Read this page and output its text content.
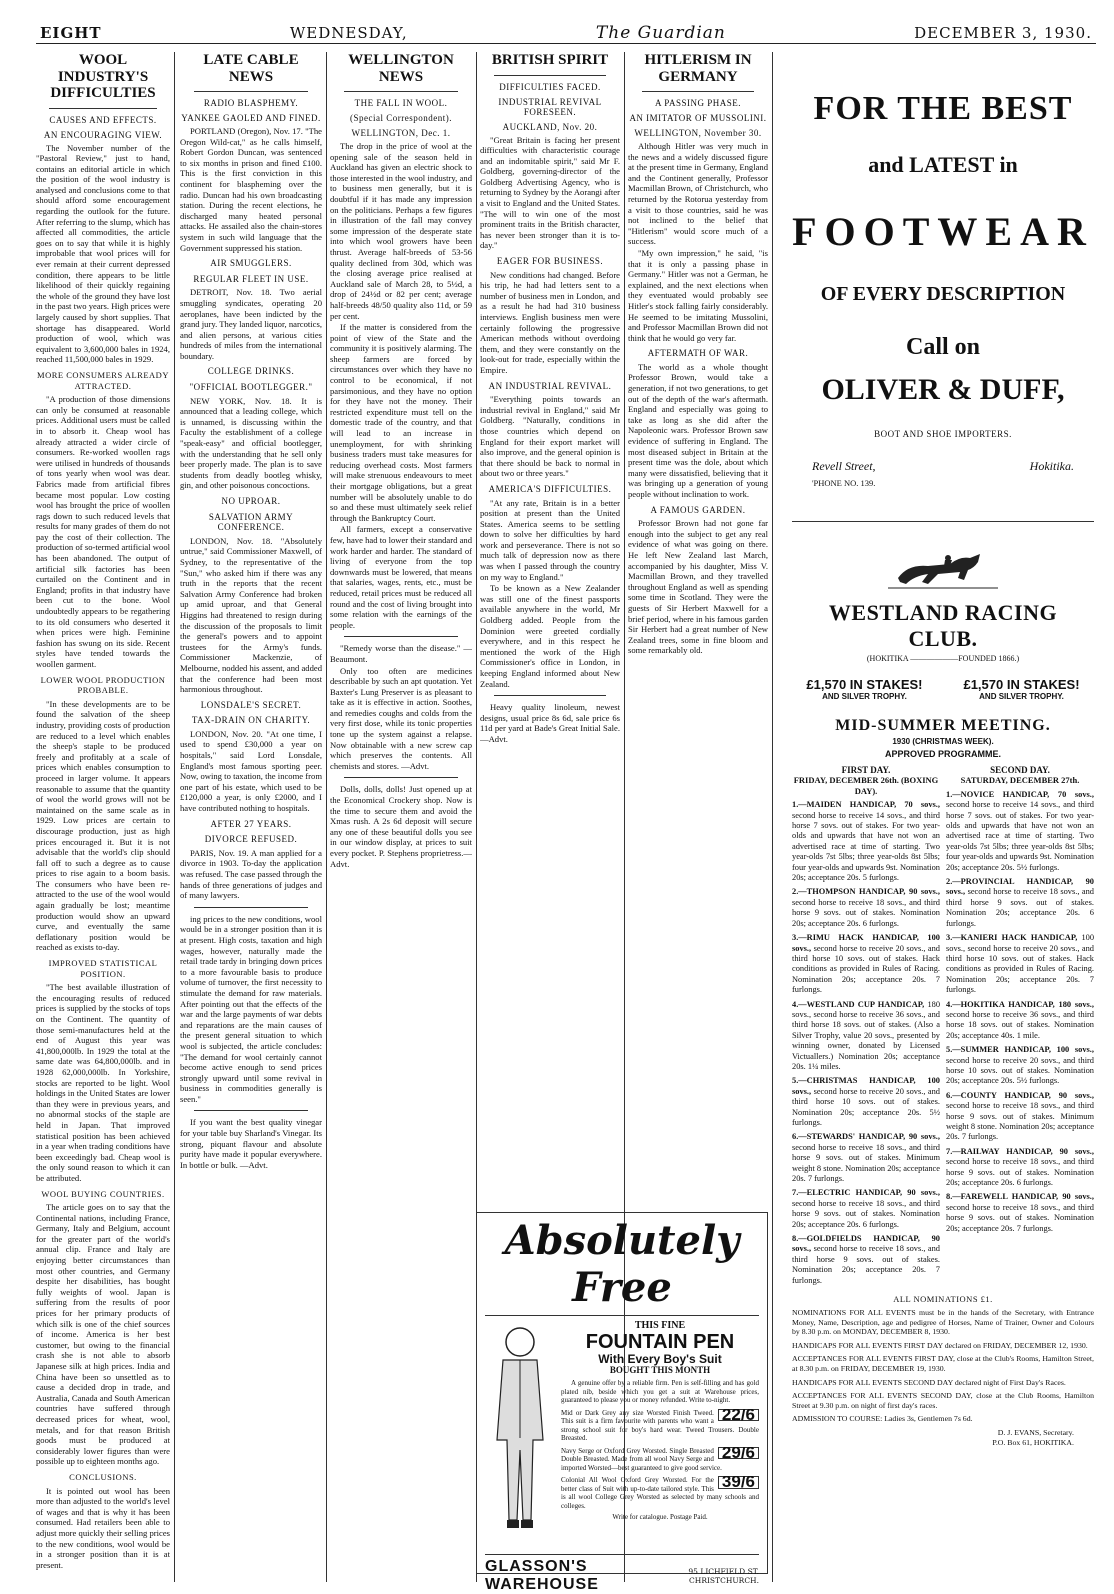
EIGHT	WEDNESDAY,	The Guardian	DECEMBER 3, 1930.
WOOL INDUSTRY'S DIFFICULTIES
CAUSES AND EFFECTS.
AN ENCOURAGING VIEW.

The November number of the "Pastoral Review," just to hand, contains an editorial article in which the position of the wool industry is analysed and conclusions come to that should afford some encouragement regarding the outlook for the future. After referring to the slump, which has affected all commodities, the article goes on to say that while it is highly improbable that wool prices will for ever remain at their current depressed condition, there appears to be little likelihood of their quickly regaining the whole of the ground they have lost in the past two years. High prices were largely caused by short supplies. That shortage has disappeared. World production of wool, which was equivalent to 3,600,000 bales in 1924, reached 11,500,000 bales in 1929.

MORE CONSUMERS ALREADY ATTRACTED.

"A production of those dimensions can only be consumed at reasonable prices. Additional users must be called in to absorb it. Cheap wool has already attracted a wider circle of consumers. Re-worked woollen rags were utilised in hundreds of thousands of tons yearly when wool was dear. Fabrics made from artificial fibres became most popular. Low costing wool has brought the price of woollen rags down to such reduced levels that results for many grades of them do not pay the cost of their collection. The production of so-termed artificial wool has been abandoned. The output of artificial silk factories has been curtailed on the Continent and in England; profits in that industry have been cut to the bone. Wool undoubtedly appears to be regathering to its old consumers who deserted it when prices were high. Feminine fashion has swung on its side. Recent styles have tended towards the woollen garment.

LOWER WOOL PRODUCTION PROBABLE.

"In these developments are to be found the salvation of the sheep industry, providing costs of production are reduced to a level which enables the sheep's staple to be produced freely and profitably at a scale of prices which enables consumption to proceed in larger volume. It appears reasonable to assume that the quantity of wool the world grows will not be maintained on the same scale as in 1929. Low prices are certain to discourage production, just as high prices encouraged it. But it is not advisable that the world's clip should fall off to such a degree as to cause prices to rise again to a boom basis. The consumers who have been re-attracted to the use of the wool would again gradually be lost; meantime production would show an upward curve, and eventually the same deflationary position would be reached as exists to-day.

IMPROVED STATISTICAL POSITION.

"The best available illustration of the encouraging results of reduced prices is supplied by the stocks of tops on the Continent. The quantity of those semi-manufactures held at the end of August this year was 41,800,000lb. In 1929 the total at the same date was 64,800,000lb. and in 1928 62,000,000lb. In Yorkshire, stocks are reported to be light. Wool holdings in the United States are lower than they were in previous years, and no abnormal stocks of the staple are held in Japan. That improved statistical position has been achieved in a year when trading conditions have been exceedingly bad. Cheap wool is the only sound reason to which it can be attributed.

WOOL BUYING COUNTRIES.

The article goes on to say that the Continental nations, including France, Germany, Italy and Belgium, account for the greater part of the world's annual clip. France and Italy are enjoying better circumstances than most other countries, and Germany despite her disabilities, has bought fully weights of wool. Japan is suffering from the results of poor prices for her primary products of which silk is one of the chief sources of income. America is her best customer, but owing to the financial crash she is not able to absorb Japanese silk at high prices. India and China have been so unsettled as to cause a decided drop in trade, and Australia, Canada and South American countries have suffered through decreased prices for wheat, wool, metals, and for that reason British goods must be produced at considerably lower figures than were possible up to eighteen months ago.

CONCLUSIONS.

It is pointed out wool has been more than adjusted to the world's level of wages and that is why it has been consumed. Had retailers been able to adjust more quickly their selling prices to the new conditions, wool would be in a stronger position than it is at present.

LATE CABLE NEWS
RADIO BLASPHEMY.
YANKEE GAOLED AND FINED.

PORTLAND (Oregon), Nov. 17. "The Oregon Wild-cat," as he calls himself, Robert Gordon Duncan, was sentenced to six months in prison and fined £100. This is the first conviction in this continent for blaspheming over the radio. Duncan had his own broadcasting station. During the recent elections, he discharged many heated personal attacks. He assailed also the chain-stores system in such wild language that the Government suppressed his station.

AIR SMUGGLERS.
REGULAR FLEET IN USE.

DETROIT, Nov. 18. Two aerial smuggling syndicates, operating 20 aeroplanes, have been indicted by the grand jury. They landed liquor, narcotics, and alien persons, at various cities hundreds of miles from the international boundary.

COLLEGE DRINKS.
"OFFICIAL BOOTLEGGER."

NEW YORK, Nov. 18. It is announced that a leading college, which is unnamed, is discussing within the Faculty the establishment of a college "speak-easy" and official bootlegger, with the understanding that he sell only beer properly made. The plan is to save students from deadly bootleg whisky, gin, and other poisonous concoctions.

NO UPROAR.
SALVATION ARMY CONFERENCE.

LONDON, Nov. 18. "Absolutely untrue," said Commissioner Maxwell, of Sydney, to the representative of the "Sun," who asked him if there was any truth in the reports that the recent Salvation Army Conference had broken up amid uproar, and that General Higgins had threatened to resign during the discussion of the proposals to limit the general's powers and to appoint trustees for the Army's funds. Commissioner Mackenzie, of Melbourne, nodded his assent, and added that the conference had been most harmonious throughout.

LONSDALE'S SECRET.
TAX-DRAIN ON CHARITY.

LONDON, Nov. 20. "At one time, I used to spend £30,000 a year on hospitals," said Lord Lonsdale, England's most famous sporting peer. Now, owing to taxation, the income from one part of his estate, which used to be £120,000 a year, is only £2000, and I have contributed nothing to hospitals.

AFTER 27 YEARS.
DIVORCE REFUSED.

PARIS, Nov. 19. A man applied for a divorce in 1903. To-day the application was refused. The case passed through the hands of three generations of judges and of many lawyers.

ing prices to the new conditions, wool would be in a stronger position than it is at present. High costs, taxation and high wages, however, naturally made the retail trade tardy in bringing down prices to a more favourable basis to produce volume of turnover, the first necessity to stimulate the demand for raw materials. After pointing out that the effects of the war and the large payments of war debts and reparations are the main causes of the present general situation to which wool is subjected, the article concludes: "The demand for wool certainly cannot become active enough to send prices strongly upward until some revival in business in commodities generally is seen."

If you want the best quality vinegar for your table buy Sharland's Vinegar. Its strong, piquant flavour and absolute purity have made it popular everywhere. In bottle or bulk. —Advt.

WELLINGTON NEWS
THE FALL IN WOOL.
(Special Correspondent).
WELLINGTON, Dec. 1.

The drop in the price of wool at the opening sale of the season held in Auckland has given an electric shock to those interested in the wool industry, and to business men generally, but it is doubtful if it has made any impression on the politicians. Perhaps a few figures in illustration of the fall may convey some impression of the desperate state into which wool growers have been thrust. Average half-breeds of 53-56 quality declined from 30d, which was the closing average price realised at Auckland sale of March 28, to 5½d, a drop of 24½d or 82 per cent; average half-breeds 48/50 quality also 11d, or 59 per cent.

If the matter is considered from the point of view of the State and the community it is positively alarming. The sheep farmers are forced by circumstances over which they have no control to be economical, if not parsimonious, and they have no option for they have not the money. Their restricted expenditure must tell on the domestic trade of the country, and that will lead to an increase in unemployment, for with shrinking business traders must take measures for reducing overhead costs. Most farmers will make strenuous endeavours to meet their mortgage obligations, but a great number will be absolutely unable to do so and these must ultimately seek relief through the Bankruptcy Court.

All farmers, except a conservative few, have had to lower their standard and work harder and harder. The standard of living of everyone from the top downwards must be lowered, that means that salaries, wages, rents, etc., must be reduced, retail prices must be reduced all round and the cost of living brought into some relation with the earnings of the people.

"Remedy worse than the disease." —Beaumont.

Only too often are medicines describable by such an apt quotation. Yet Baxter's Lung Preserver is as pleasant to take as it is effective in action. Soothes, and remedies coughs and colds from the very first dose, while its tonic properties tone up the system against a relapse. Now obtainable with a new screw cap which preserves the contents. All chemists and stores. —Advt.

Dolls, dolls, dolls! Just opened up at the Economical Crockery shop. Now is the time to secure them and avoid the Xmas rush. A 2s 6d deposit will secure any one of these beautiful dolls you see in our window display, at prices to suit every pocket. P. Stephens proprietress.—Advt.

BRITISH SPIRIT
DIFFICULTIES FACED.
INDUSTRIAL REVIVAL FORESEEN.
AUCKLAND, Nov. 20.

"Great Britain is facing her present difficulties with characteristic courage and an indomitable spirit," said Mr F. Goldberg, governing-director of the Goldberg Advertising Agency, who is returning to Sydney by the Aorangi after a visit to England and the United States. "The will to win one of the most prominent traits in the British character, has never been stronger than it is to-day."

EAGER FOR BUSINESS.

New conditions had changed. Before his trip, he had had letters sent to a number of business men in London, and as a result he had had 310 business interviews. English business men were certainly following the progressive American methods without overdoing them, and they were constantly on the look-out for trade, especially within the Empire.

AN INDUSTRIAL REVIVAL.

"Everything points towards an industrial revival in England," said Mr Goldberg. "Naturally, conditions in those countries which depend on England for their export market will also improve, and the general opinion is that there should be back to normal in about two or three years."

AMERICA'S DIFFICULTIES.

"At any rate, Britain is in a better position at present than the United States. America seems to be settling down to solve her difficulties by hard work and perseverance. There is not so much talk of depression now as there was when I passed through the country on my way to England."

To be known as a New Zealander was still one of the finest passports available anywhere in the world, Mr Goldberg added. People from the Dominion were greeted cordially everywhere, and in this respect he mentioned the work of the High Commissioner's office in London, in keeping England informed about New Zealand.

Heavy quality linoleum, newest designs, usual price 8s 6d, sale price 6s 11d per yard at Bade's Great Initial Sale.—Advt.

HITLERISM IN GERMANY
A PASSING PHASE.
AN IMITATOR OF MUSSOLINI.
WELLINGTON, November 30.

Although Hitler was very much in the news and a widely discussed figure at the present time in Germany, England and the Continent generally, Professor Macmillan Brown, of Christchurch, who returned by the Rotorua yesterday from a visit to those countries, said he was not inclined to the belief that "Hitlerism" would score much of a success.

"My own impression," he said, "is that it is only a passing phase in Germany." Hitler was not a German, he explained, and the next elections when they eventuated would probably see Hitler's stock falling fairly considerably. He seemed to be imitating Mussolini, and Professor Macmillan Brown did not think that he would go very far.

AFTERMATH OF WAR.

The world as a whole thought Professor Brown, would take a generation, if not two generations, to get out of the depth of the war's aftermath. England and especially was going to take as long as she did after the Napoleonic wars. Professor Brown saw evidence of suffering in England. The most diseased subject in Britain at the present time was the dole, about which many were dissatisfied, believing that it was bringing up a generation of young people without inclination to work.

A FAMOUS GARDEN.

Professor Brown had not gone far enough into the subject to get any real evidence of what was going on there. He left New Zealand last March, accompanied by his daughter, Miss V. Macmillan Brown, and they travelled throughout England as well as spending some time in Scotland. They were the guests of Sir Herbert Maxwell for a brief period, where in his famous garden Sir Herbert had a great number of New Zealand trees, some in fine bloom and some remarkably old.

Absolutely Free
THIS FINE
FOUNTAIN PEN
With Every Boy's Suit
BOUGHT THIS MONTH

A genuine offer by a reliable firm. Pen is self-filling and has gold plated nib, beside which you get a suit at Warehouse prices, guaranteed to please you or money refunded. Write to-night.

22/6
Mid or Dark Grey any size Worsted Finish Tweed. This suit is a firm favourite with parents who want a strong school suit for boy's hard wear. Tweed Trousers. Double Breasted.
29/6
Navy Serge or Oxford Grey Worsted. Single Breasted Double Breasted. Made from all wool Navy Serge and imported Worsted—best guaranteed to give good service.
39/6
Colonial All Wool Oxford Grey Worsted. For the better class of Suit with up-to-date tailored style. This is all wool College Grey Worsted as selected by many schools and colleges.
Write for catalogue. Postage Paid.
GLASSON'S WAREHOUSE
95 LICHFIELD ST. CHRISTCHURCH.
FOR THE BEST
and LATEST in
FOOTWEAR
OF EVERY DESCRIPTION
Call on
OLIVER & DUFF,
BOOT AND SHOE IMPORTERS.
Revell Street,	Hokitika.
'PHONE NO. 139.
WESTLAND RACING CLUB.
(HOKITIKA ——————FOUNDED 1866.)
£1,570 IN STAKES!
AND SILVER TROPHY.
£1,570 IN STAKES!
AND SILVER TROPHY.
MID-SUMMER MEETING.
1930 (CHRISTMAS WEEK).
APPROVED PROGRAMME.
FIRST DAY.
FRIDAY, DECEMBER 26th. (BOXING DAY).
1.—MAIDEN HANDICAP, 70 sovs., second horse to receive 14 sovs., and third horse 7 sovs. out of stakes. For two year-olds and upwards that have not won an advertised race at time of starting. Two year-olds 7st 5lbs; three year-olds 8st 5lbs; four year-olds and upwards 9st. Nomination 20s; acceptance 20s. 5 furlongs.
2.—THOMPSON HANDICAP, 90 sovs., second horse to receive 18 sovs., and third horse 9 sovs. out of stakes. Nomination 20s; acceptance 20s. 6 furlongs.
3.—RIMU HACK HANDICAP, 100 sovs., second horse to receive 20 sovs., and third horse 10 sovs. out of stakes. Hack conditions as provided in Rules of Racing. Nomination 20s; acceptance 20s. 7 furlongs.
4.—WESTLAND CUP HANDICAP, 180 sovs., second horse to receive 36 sovs., and third horse 18 sovs. out of stakes. (Also a Silver Trophy, value 20 sovs., presented by winning owner, donated by Licensed Victuallers.) Nomination 20s; acceptance 20s. 1¼ miles.
5.—CHRISTMAS HANDICAP, 100 sovs., second horse to receive 20 sovs., and third horse 10 sovs. out of stakes. Nomination 20s; acceptance 20s. 5½ furlongs.
6.—STEWARDS' HANDICAP, 90 sovs., second horse to receive 18 sovs., and third horse 9 sovs. out of stakes. Minimum weight 8 stone. Nomination 20s; acceptance 20s. 7 furlongs.
7.—ELECTRIC HANDICAP, 90 sovs., second horse to receive 18 sovs., and third horse 9 sovs. out of stakes. Nomination 20s; acceptance 20s. 6 furlongs.
8.—GOLDFIELDS HANDICAP, 90 sovs., second horse to receive 18 sovs., and third horse 9 sovs. out of stakes. Nomination 20s; acceptance 20s. 7 furlongs.
SECOND DAY.
SATURDAY, DECEMBER 27th.
1.—NOVICE HANDICAP, 70 sovs., second horse to receive 14 sovs., and third horse 7 sovs. out of stakes. For two year-olds and upwards that have not won an advertised race at time of starting. Two year-olds 7st 5lbs; three year-olds 8st 5lbs; four year-olds and upwards 9st. Nomination 20s; acceptance 20s. 5½ furlongs.
2.—PROVINCIAL HANDICAP, 90 sovs., second horse to receive 18 sovs., and third horse 9 sovs. out of stakes. Nomination 20s; acceptance 20s. 6 furlongs.
3.—KANIERI HACK HANDICAP, 100 sovs., second horse to receive 20 sovs., and third horse 10 sovs. out of stakes. Hack conditions as provided in Rules of Racing. Nomination 20s; acceptance 20s. 7 furlongs.
4.—HOKITIKA HANDICAP, 180 sovs., second horse to receive 36 sovs., and third horse 18 sovs. out of stakes. Nomination 20s; acceptance 40s. 1 mile.
5.—SUMMER HANDICAP, 100 sovs., second horse to receive 20 sovs., and third horse 10 sovs. out of stakes. Nomination 20s; acceptance 20s. 5½ furlongs.
6.—COUNTY HANDICAP, 90 sovs., second horse to receive 18 sovs., and third horse 9 sovs. out of stakes. Minimum weight 8 stone. Nomination 20s; acceptance 20s. 7 furlongs.
7.—RAILWAY HANDICAP, 90 sovs., second horse to receive 18 sovs., and third horse 9 sovs. out of stakes. Nomination 20s; acceptance 20s. 6 furlongs.
8.—FAREWELL HANDICAP, 90 sovs., second horse to receive 18 sovs., and third horse 9 sovs. out of stakes. Nomination 20s; acceptance 20s. 7 furlongs.
ALL NOMINATIONS £1.
NOMINATIONS FOR ALL EVENTS must be in the hands of the Secretary, with Entrance Money, Name, Description, age and pedigree of Horses, Name of Trainer, Owner and Colours by 8.30 p.m. on MONDAY, DECEMBER 8, 1930.
HANDICAPS FOR ALL EVENTS FIRST DAY declared on FRIDAY, DECEMBER 12, 1930.
ACCEPTANCES FOR ALL EVENTS FIRST DAY, close at the Club's Rooms, Hamilton Street, at 8.30 p.m. on FRIDAY, DECEMBER 19, 1930.
HANDICAPS FOR ALL EVENTS SECOND DAY declared night of First Day's Races.
ACCEPTANCES FOR ALL EVENTS SECOND DAY, close at the Club Rooms, Hamilton Street at 9.30 p.m. on night of first day's races.
ADMISSION TO COURSE: Ladies 3s, Gentlemen 7s 6d.
D. J. EVANS, Secretary.
P.O. Box 61, HOKITIKA.
